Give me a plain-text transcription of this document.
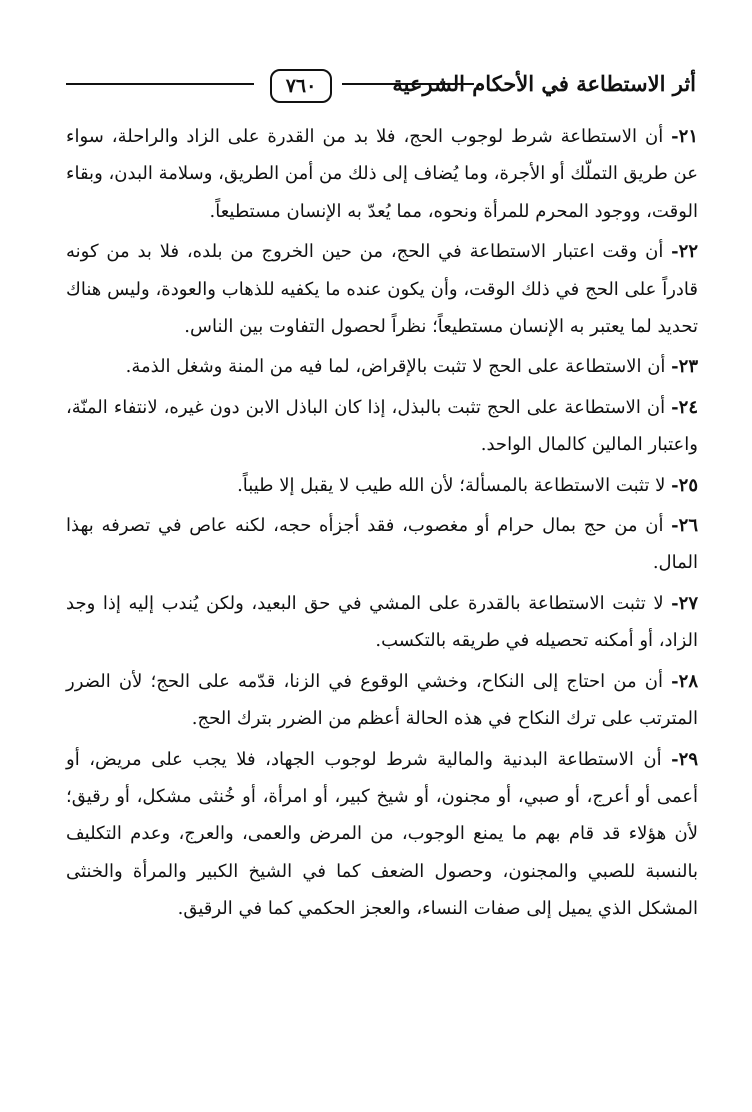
أثر الاستطاعة في الأحكام الشرعية
٧٦٠

٢١- أن الاستطاعة شرط لوجوب الحج، فلا بد من القدرة على الزاد والراحلة، سواء عن طريق التملّك أو الأجرة، وما يُضاف إلى ذلك من أمن الطريق، وسلامة البدن، وبقاء الوقت، ووجود المحرم للمرأة ونحوه، مما يُعدّ به الإنسان مستطيعاً.

٢٢- أن وقت اعتبار الاستطاعة في الحج، من حين الخروج من بلده، فلا بد من كونه قادراً على الحج في ذلك الوقت، وأن يكون عنده ما يكفيه للذهاب والعودة، وليس هناك تحديد لما يعتبر به الإنسان مستطيعاً؛ نظراً لحصول التفاوت بين الناس.

٢٣- أن الاستطاعة على الحج لا تثبت بالإقراض، لما فيه من المنة وشغل الذمة.

٢٤- أن الاستطاعة على الحج تثبت بالبذل، إذا كان الباذل الابن دون غيره، لانتفاء المنّة، واعتبار المالين كالمال الواحد.

٢٥- لا تثبت الاستطاعة بالمسألة؛ لأن الله طيب لا يقبل إلا طيباً.

٢٦- أن من حج بمال حرام أو مغصوب، فقد أجزأه حجه، لكنه عاص في تصرفه بهذا المال.

٢٧- لا تثبت الاستطاعة بالقدرة على المشي في حق البعيد، ولكن يُندب إليه إذا وجد الزاد، أو أمكنه تحصيله في طريقه بالتكسب.

٢٨- أن من احتاج إلى النكاح، وخشي الوقوع في الزنا، قدّمه على الحج؛ لأن الضرر المترتب على ترك النكاح في هذه الحالة أعظم من الضرر بترك الحج.

٢٩- أن الاستطاعة البدنية والمالية شرط لوجوب الجهاد، فلا يجب على مريض، أو أعمى أو أعرج، أو صبي، أو مجنون، أو شيخ كبير، أو امرأة، أو خُنثى مشكل، أو رقيق؛ لأن هؤلاء قد قام بهم ما يمنع الوجوب، من المرض والعمى، والعرج، وعدم التكليف بالنسبة للصبي والمجنون، وحصول الضعف كما في الشيخ الكبير والمرأة والخنثى المشكل الذي يميل إلى صفات النساء، والعجز الحكمي كما في الرقيق.
